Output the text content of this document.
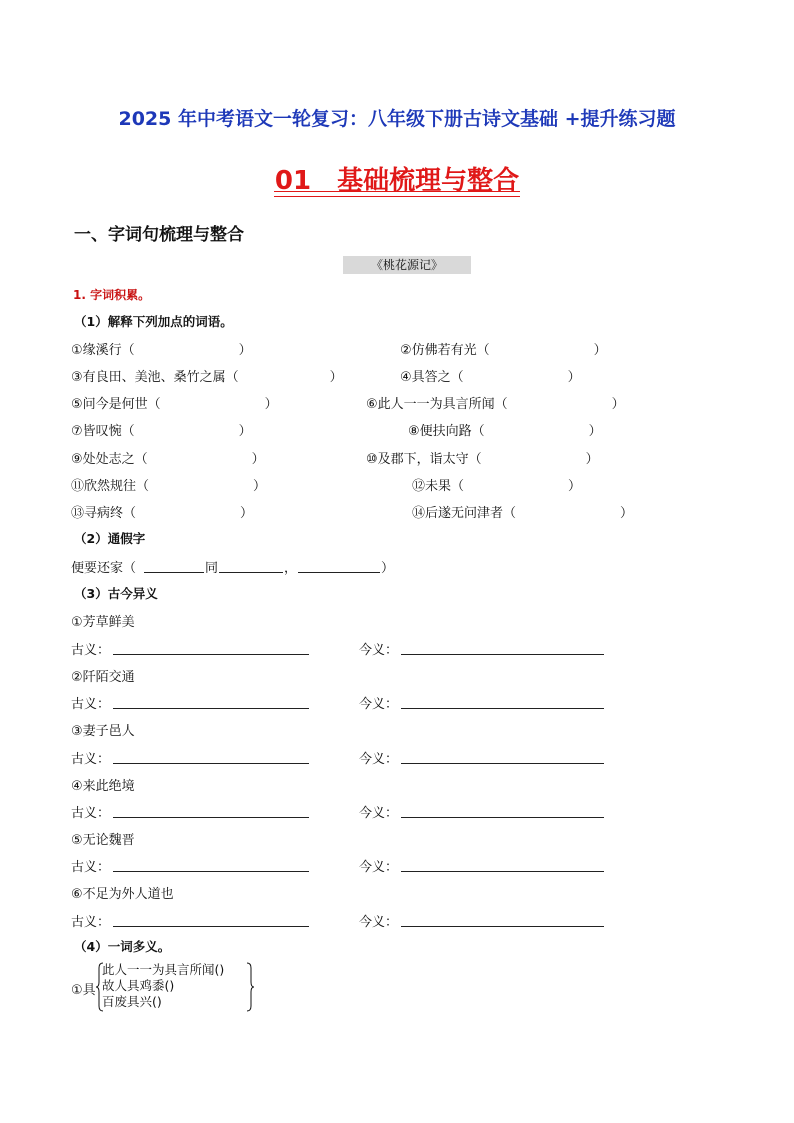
2025 年中考语文一轮复习：八年级下册古诗文基础 +提升练习题
01　基础梳理与整合
一、字词句梳理与整合
《桃花源记》
1. 字词积累。
（1）解释下列加点的词语。
①缘溪行（　　　　　　　　）	②仿佛若有光（　　　　　　　　）
③有良田、美池、桑竹之属（　　　　　　　）	④具答之（　　　　　　　　）
⑤问今是何世（　　　　　　　　）	⑥此人一一为具言所闻（　　　　　　　　）
⑦皆叹惋（　　　　　　　　）	⑧便扶向路（　　　　　　　　）
⑨处处志之（　　　　　　　　）	⑩及郡下，诣太守（　　　　　　　　）
⑪欣然规往（　　　　　　　　）	⑫未果（　　　　　　　　）
⑬寻病终（　　　　　　　　）	⑭后遂无问津者（　　　　　　　　）
（2）通假字
便要还家（	同	，	）
（3）古今异义
①芳草鲜美
古义：	今义：
②阡陌交通
古义：	今义：
③妻子邑人
古义：	今义：
④来此绝境
古义：	今义：
⑤无论魏晋
古义：	今义：
⑥不足为外人道也
古义：	今义：
（4）一词多义。
①具
此人一一为具言所闻()
故人具鸡黍()
百废具兴()
